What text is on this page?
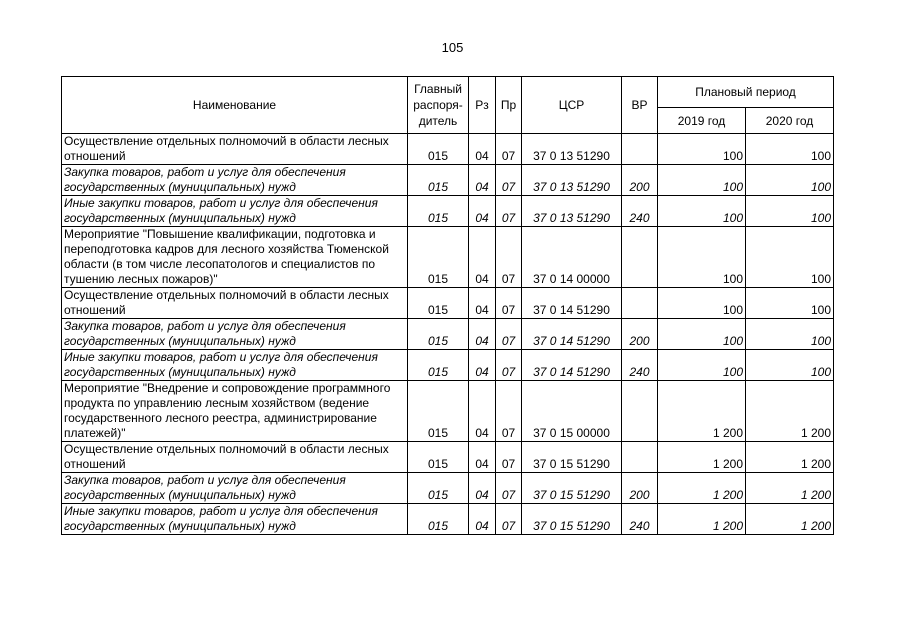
105
Наименование	Главный
распоря-
дитель	Рз	Пр	ЦСР	ВР	Плановый период	
						2019 год	2020 год
Осуществление отдельных полномочий в области лесных отношений	015	04	07	37 0 13 51290		100	100
Закупка товаров, работ и услуг для обеспечения государственных (муниципальных) нужд	015	04	07	37 0 13 51290	200	100	100
Иные закупки товаров, работ и услуг для обеспечения государственных (муниципальных) нужд	015	04	07	37 0 13 51290	240	100	100
Мероприятие "Повышение квалификации, подготовка и переподготовка кадров для лесного хозяйства Тюменской области (в том числе лесопатологов и специалистов по тушению лесных пожаров)"	015	04	07	37 0 14 00000		100	100
Осуществление отдельных полномочий в области лесных отношений	015	04	07	37 0 14 51290		100	100
Закупка товаров, работ и услуг для обеспечения государственных (муниципальных) нужд	015	04	07	37 0 14 51290	200	100	100
Иные закупки товаров, работ и услуг для обеспечения государственных (муниципальных) нужд	015	04	07	37 0 14 51290	240	100	100
Мероприятие "Внедрение и сопровождение программного продукта по управлению лесным хозяйством (ведение государственного лесного реестра, администрирование платежей)"	015	04	07	37 0 15 00000		1 200	1 200
Осуществление отдельных полномочий в области лесных отношений	015	04	07	37 0 15 51290		1 200	1 200
Закупка товаров, работ и услуг для обеспечения государственных (муниципальных) нужд	015	04	07	37 0 15 51290	200	1 200	1 200
Иные закупки товаров, работ и услуг для обеспечения государственных (муниципальных) нужд	015	04	07	37 0 15 51290	240	1 200	1 200
